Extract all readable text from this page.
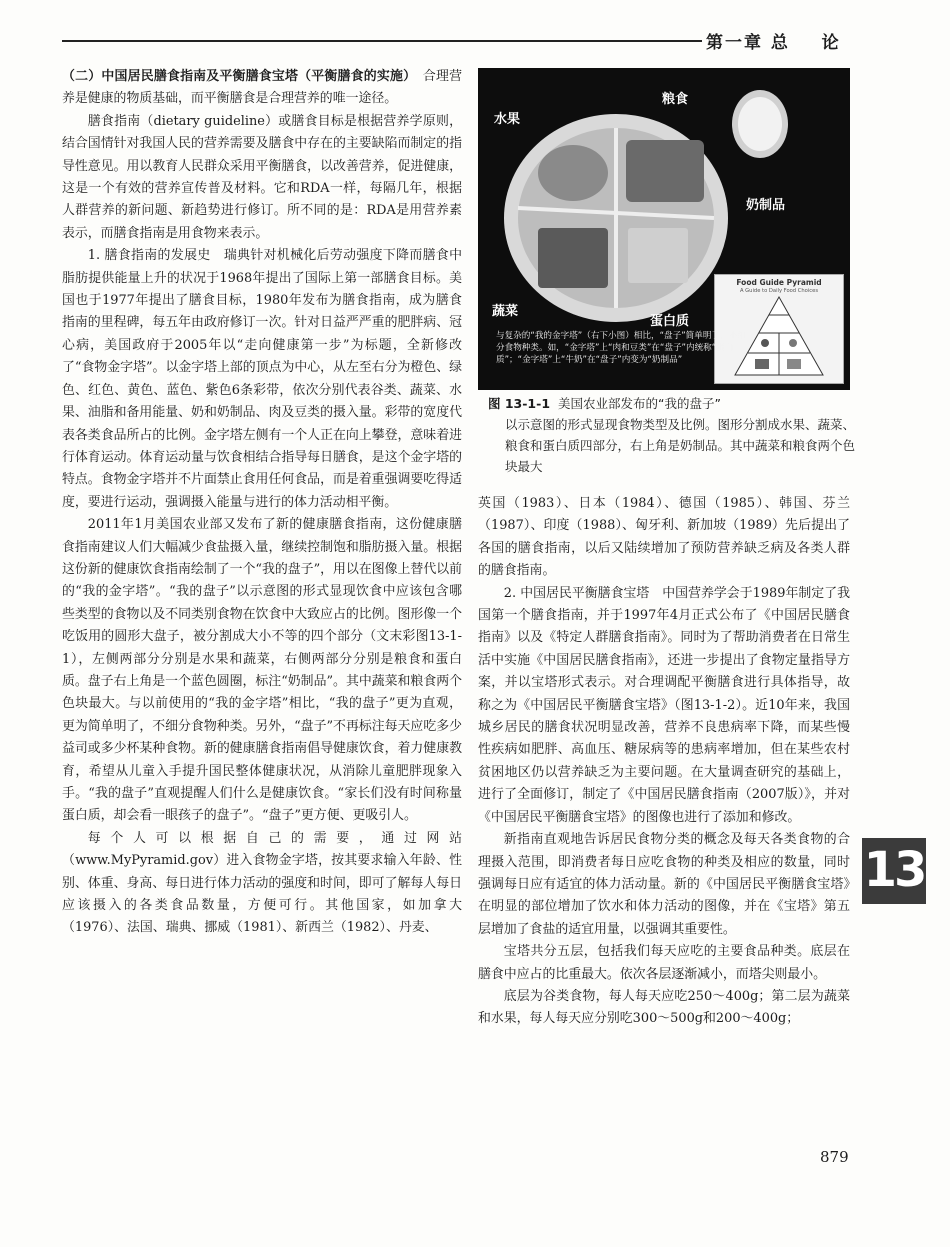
第一章 总    论

（二）中国居民膳食指南及平衡膳食宝塔（平衡膳食的实施）　 合理营养是健康的物质基础，而平衡膳食是合理营养的唯一途径。

膳食指南（dietary guideline）或膳食目标是根据营养学原则，结合国情针对我国人民的营养需要及膳食中存在的主要缺陷而制定的指导性意见。用以教育人民群众采用平衡膳食，以改善营养，促进健康，这是一个有效的营养宣传普及材料。它和RDA一样，每隔几年，根据人群营养的新问题、新趋势进行修订。所不同的是：RDA是用营养素表示，而膳食指南是用食物来表示。

1. 膳食指南的发展史　瑞典针对机械化后劳动强度下降而膳食中脂肪提供能量上升的状况于1968年提出了国际上第一部膳食目标。美国也于1977年提出了膳食目标，1980年发布为膳食指南，成为膳食指南的里程碑，每五年由政府修订一次。针对日益严严重的肥胖病、冠心病，美国政府于2005年以“走向健康第一步”为标题，全新修改了“食物金字塔”。以金字塔上部的顶点为中心，从左至右分为橙色、绿色、红色、黄色、蓝色、紫色6条彩带，依次分别代表谷类、蔬菜、水果、油脂和备用能量、奶和奶制品、肉及豆类的摄入量。彩带的宽度代表各类食品所占的比例。金字塔左侧有一个人正在向上攀登，意味着进行体育运动。体育运动量与饮食相结合指导每日膳食，是这个金字塔的特点。食物金字塔并不片面禁止食用任何食品，而是着重强调要吃得适度，要进行运动，强调摄入能量与进行的体力活动相平衡。

2011年1月美国农业部又发布了新的健康膳食指南，这份健康膳食指南建议人们大幅减少食盐摄入量，继续控制饱和脂肪摄入量。根据这份新的健康饮食指南绘制了一个“我的盘子”，用以在图像上替代以前的“我的金字塔”。“我的盘子”以示意图的形式显现饮食中应该包含哪些类型的食物以及不同类别食物在饮食中大致应占的比例。图形像一个吃饭用的圆形大盘子，被分割成大小不等的四个部分（文末彩图13-1-1），左侧两部分分别是水果和蔬菜，右侧两部分分别是粮食和蛋白质。盘子右上角是一个蓝色圆圈，标注“奶制品”。其中蔬菜和粮食两个色块最大。与以前使用的“我的金字塔”相比，“我的盘子”更为直观，更为简单明了，不细分食物种类。另外，“盘子”不再标注每天应吃多少益司或多少杯某种食物。新的健康膳食指南倡导健康饮食，着力健康教育，希望从儿童入手提升国民整体健康状况，从消除儿童肥胖现象入手。“我的盘子”直观提醒人们什么是健康饮食。“家长们没有时间称量蛋白质，却会看一眼孩子的盘子”。“盘子”更方便、更吸引人。

每个人可以根据自己的需要，通过网站（www.MyPyramid.gov）进入食物金字塔，按其要求输入年龄、性别、体重、身高、每日进行体力活动的强度和时间，即可了解每人每日应该摄入的各类食品数量，方便可行。其他国家，如加拿大（1976）、法国、瑞典、挪威（1981）、新西兰（1982）、丹麦、

水果
粮食
奶制品
蔬菜
蛋白质
Food Guide Pyramid
A Guide to Daily Food Choices
与复杂的“我的金字塔”（右下小图）相比，“盘子”简单明了，不细分食物种类。如，“金字塔”上“肉和豆类”在“盘子”内统称“蛋白质”；“金字塔”上“牛奶”在“盘子”内变为“奶制品”
图 13-1-1 美国农业部发布的“我的盘子”
以示意图的形式显现食物类型及比例。图形分割成水果、蔬菜、粮食和蛋白质四部分，右上角是奶制品。其中蔬菜和粮食两个色块最大

英国（1983）、日本（1984）、德国（1985）、韩国、芬兰（1987）、印度（1988）、匈牙利、新加坡（1989）先后提出了各国的膳食指南，以后又陆续增加了预防营养缺乏病及各类人群的膳食指南。

2. 中国居民平衡膳食宝塔　中国营养学会于1989年制定了我国第一个膳食指南，并于1997年4月正式公布了《中国居民膳食指南》以及《特定人群膳食指南》。同时为了帮助消费者在日常生活中实施《中国居民膳食指南》，还进一步提出了食物定量指导方案，并以宝塔形式表示。对合理调配平衡膳食进行具体指导，故称之为《中国居民平衡膳食宝塔》（图13-1-2）。近10年来，我国城乡居民的膳食状况明显改善，营养不良患病率下降，而某些慢性疾病如肥胖、高血压、糖尿病等的患病率增加，但在某些农村贫困地区仍以营养缺乏为主要问题。在大量调查研究的基础上，进行了全面修订，制定了《中国居民膳食指南（2007版）》，并对《中国居民平衡膳食宝塔》的图像也进行了添加和修改。

新指南直观地告诉居民食物分类的概念及每天各类食物的合理摄入范围，即消费者每日应吃食物的种类及相应的数量，同时强调每日应有适宜的体力活动量。新的《中国居民平衡膳食宝塔》在明显的部位增加了饮水和体力活动的图像，并在《宝塔》第五层增加了食盐的适宜用量，以强调其重要性。

宝塔共分五层，包括我们每天应吃的主要食品种类。底层在膳食中应占的比重最大。依次各层逐渐减小，而塔尖则最小。

底层为谷类食物，每人每天应吃250～400g；第二层为蔬菜和水果，每人每天应分别吃300～500g和200～400g；

13
879
